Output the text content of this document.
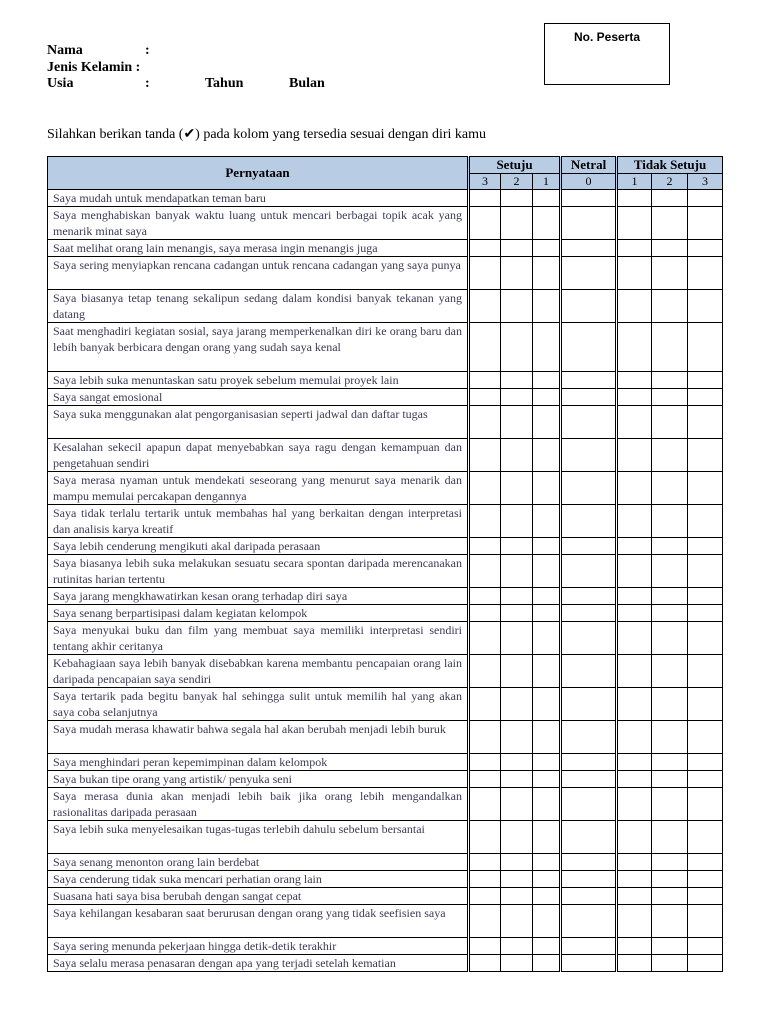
No. Peserta
Nama	:
Jenis Kelamin :
Usia	:	Tahun	Bulan
Silahkan berikan tanda (✔) pada kolom yang tersedia sesuai dengan diri kamu
Pernyataan	Setuju			Netral	Tidak Setuju		
	3	2	1	0	1	2	3
Saya mudah untuk mendapatkan teman baru							
Saya menghabiskan banyak waktu luang untuk mencari berbagai topik acak yang menarik minat saya							
Saat melihat orang lain menangis, saya merasa ingin menangis juga							
Saya sering menyiapkan rencana cadangan untuk rencana cadangan yang saya punya							
Saya biasanya tetap tenang sekalipun sedang dalam kondisi banyak tekanan yang datang							
Saat menghadiri kegiatan sosial, saya jarang memperkenalkan diri ke orang baru dan lebih banyak berbicara dengan orang yang sudah saya kenal							
Saya lebih suka menuntaskan satu proyek sebelum memulai proyek lain							
Saya sangat emosional							
Saya suka menggunakan alat pengorganisasian seperti jadwal dan daftar tugas							
Kesalahan sekecil apapun dapat menyebabkan saya ragu dengan kemampuan dan pengetahuan sendiri							
Saya merasa nyaman untuk mendekati seseorang yang menurut saya menarik dan mampu memulai percakapan dengannya							
Saya tidak terlalu tertarik untuk membahas hal yang berkaitan dengan interpretasi dan analisis karya kreatif							
Saya lebih cenderung mengikuti akal daripada perasaan							
Saya biasanya lebih suka melakukan sesuatu secara spontan daripada merencanakan rutinitas harian tertentu							
Saya jarang mengkhawatirkan kesan orang terhadap diri saya							
Saya senang berpartisipasi dalam kegiatan kelompok							
Saya menyukai buku dan film yang membuat saya memiliki interpretasi sendiri tentang akhir ceritanya							
Kebahagiaan saya lebih banyak disebabkan karena membantu pencapaian orang lain daripada pencapaian saya sendiri							
Saya tertarik pada begitu banyak hal sehingga sulit untuk memilih hal yang akan saya coba selanjutnya							
Saya mudah merasa khawatir bahwa segala hal akan berubah menjadi lebih buruk							
Saya menghindari peran kepemimpinan dalam kelompok							
Saya bukan tipe orang yang artistik/ penyuka seni							
Saya merasa dunia akan menjadi lebih baik jika orang lebih mengandalkan rasionalitas daripada perasaan							
Saya lebih suka menyelesaikan tugas-tugas terlebih dahulu sebelum bersantai							
Saya senang menonton orang lain berdebat							
Saya cenderung tidak suka mencari perhatian orang lain							
Suasana hati saya bisa berubah dengan sangat cepat							
Saya kehilangan kesabaran saat berurusan dengan orang yang tidak seefisien saya							
Saya sering menunda pekerjaan hingga detik-detik terakhir							
Saya selalu merasa penasaran dengan apa yang terjadi setelah kematian							
